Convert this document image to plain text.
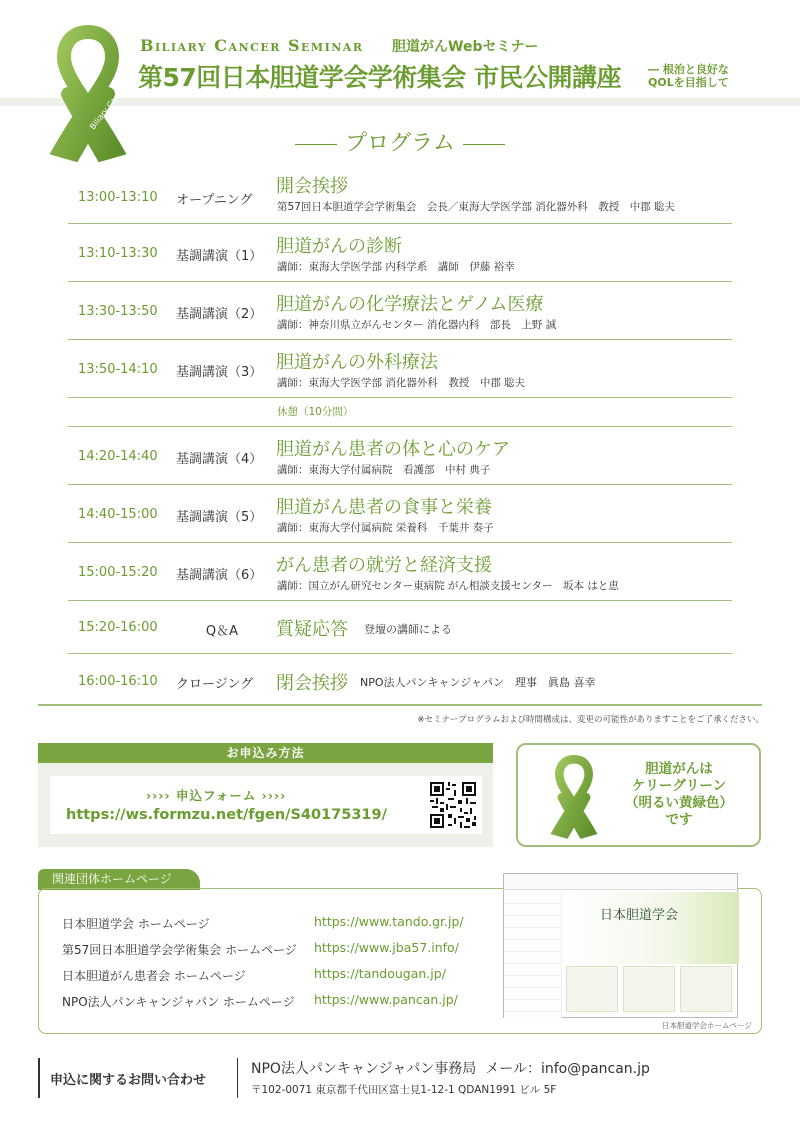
Biliary Cancer
Biliary Cancer Seminar 胆道がんWebセミナー
第57回日本胆道学会学術集会 市民公開講座 ― 根治と良好な
QOLを目指して
プログラム
13:00-13:10 オープニング
開会挨拶
第57回日本胆道学会学術集会　会長／東海大学医学部 消化器外科　教授　中郡 聡夫
13:10-13:30 基調講演（1） 胆道がんの診断
講師：東海大学医学部 内科学系　講師　伊藤 裕幸
13:30-13:50 基調講演（2） 胆道がんの化学療法とゲノム医療
講師：神奈川県立がんセンター 消化器内科　部長　上野 誠
13:50-14:10 基調講演（3） 胆道がんの外科療法
講師：東海大学医学部 消化器外科　教授　中郡 聡夫
休憩（10分間）
14:20-14:40 基調講演（4） 胆道がん患者の体と心のケア
講師：東海大学付属病院　看護部　中村 典子
14:40-15:00 基調講演（5） 胆道がん患者の食事と栄養
講師：東海大学付属病院 栄養科　千葉井 奏子
15:00-15:20 基調講演（6） がん患者の就労と経済支援
講師：国立がん研究センター東病院 がん相談支援センター　坂本 はと恵
15:20-16:00	Q＆A	質疑応答 登壇の講師による
16:00-16:10 クロージング	閉会挨拶 NPO法人パンキャンジャパン　理事　眞島 喜幸
※セミナープログラムおよび時間構成は、変更の可能性がありますことをご了承ください。
お申込み方法
›››› 申込フォーム ››››
https://ws.formzu.net/fgen/S40175319/
胆道がんは
ケリーグリーン
（明るい黄緑色）
です
関連団体ホームページ
日本胆道学会 ホームページ	https://www.tando.gr.jp/
第57回日本胆道学会学術集会 ホームページ https://www.jba57.info/
日本胆道がん患者会 ホームページ	https://tandougan.jp/
NPO法人パンキャンジャパン ホームページ https://www.pancan.jp/
日本胆道学会
日本胆道学会ホームページ
申込に関するお問い合わせ
NPO法人パンキャンジャパン事務局 メール：info@pancan.jp
〒102-0071 東京都千代田区富士見1-12-1 QDAN1991 ビル 5F
